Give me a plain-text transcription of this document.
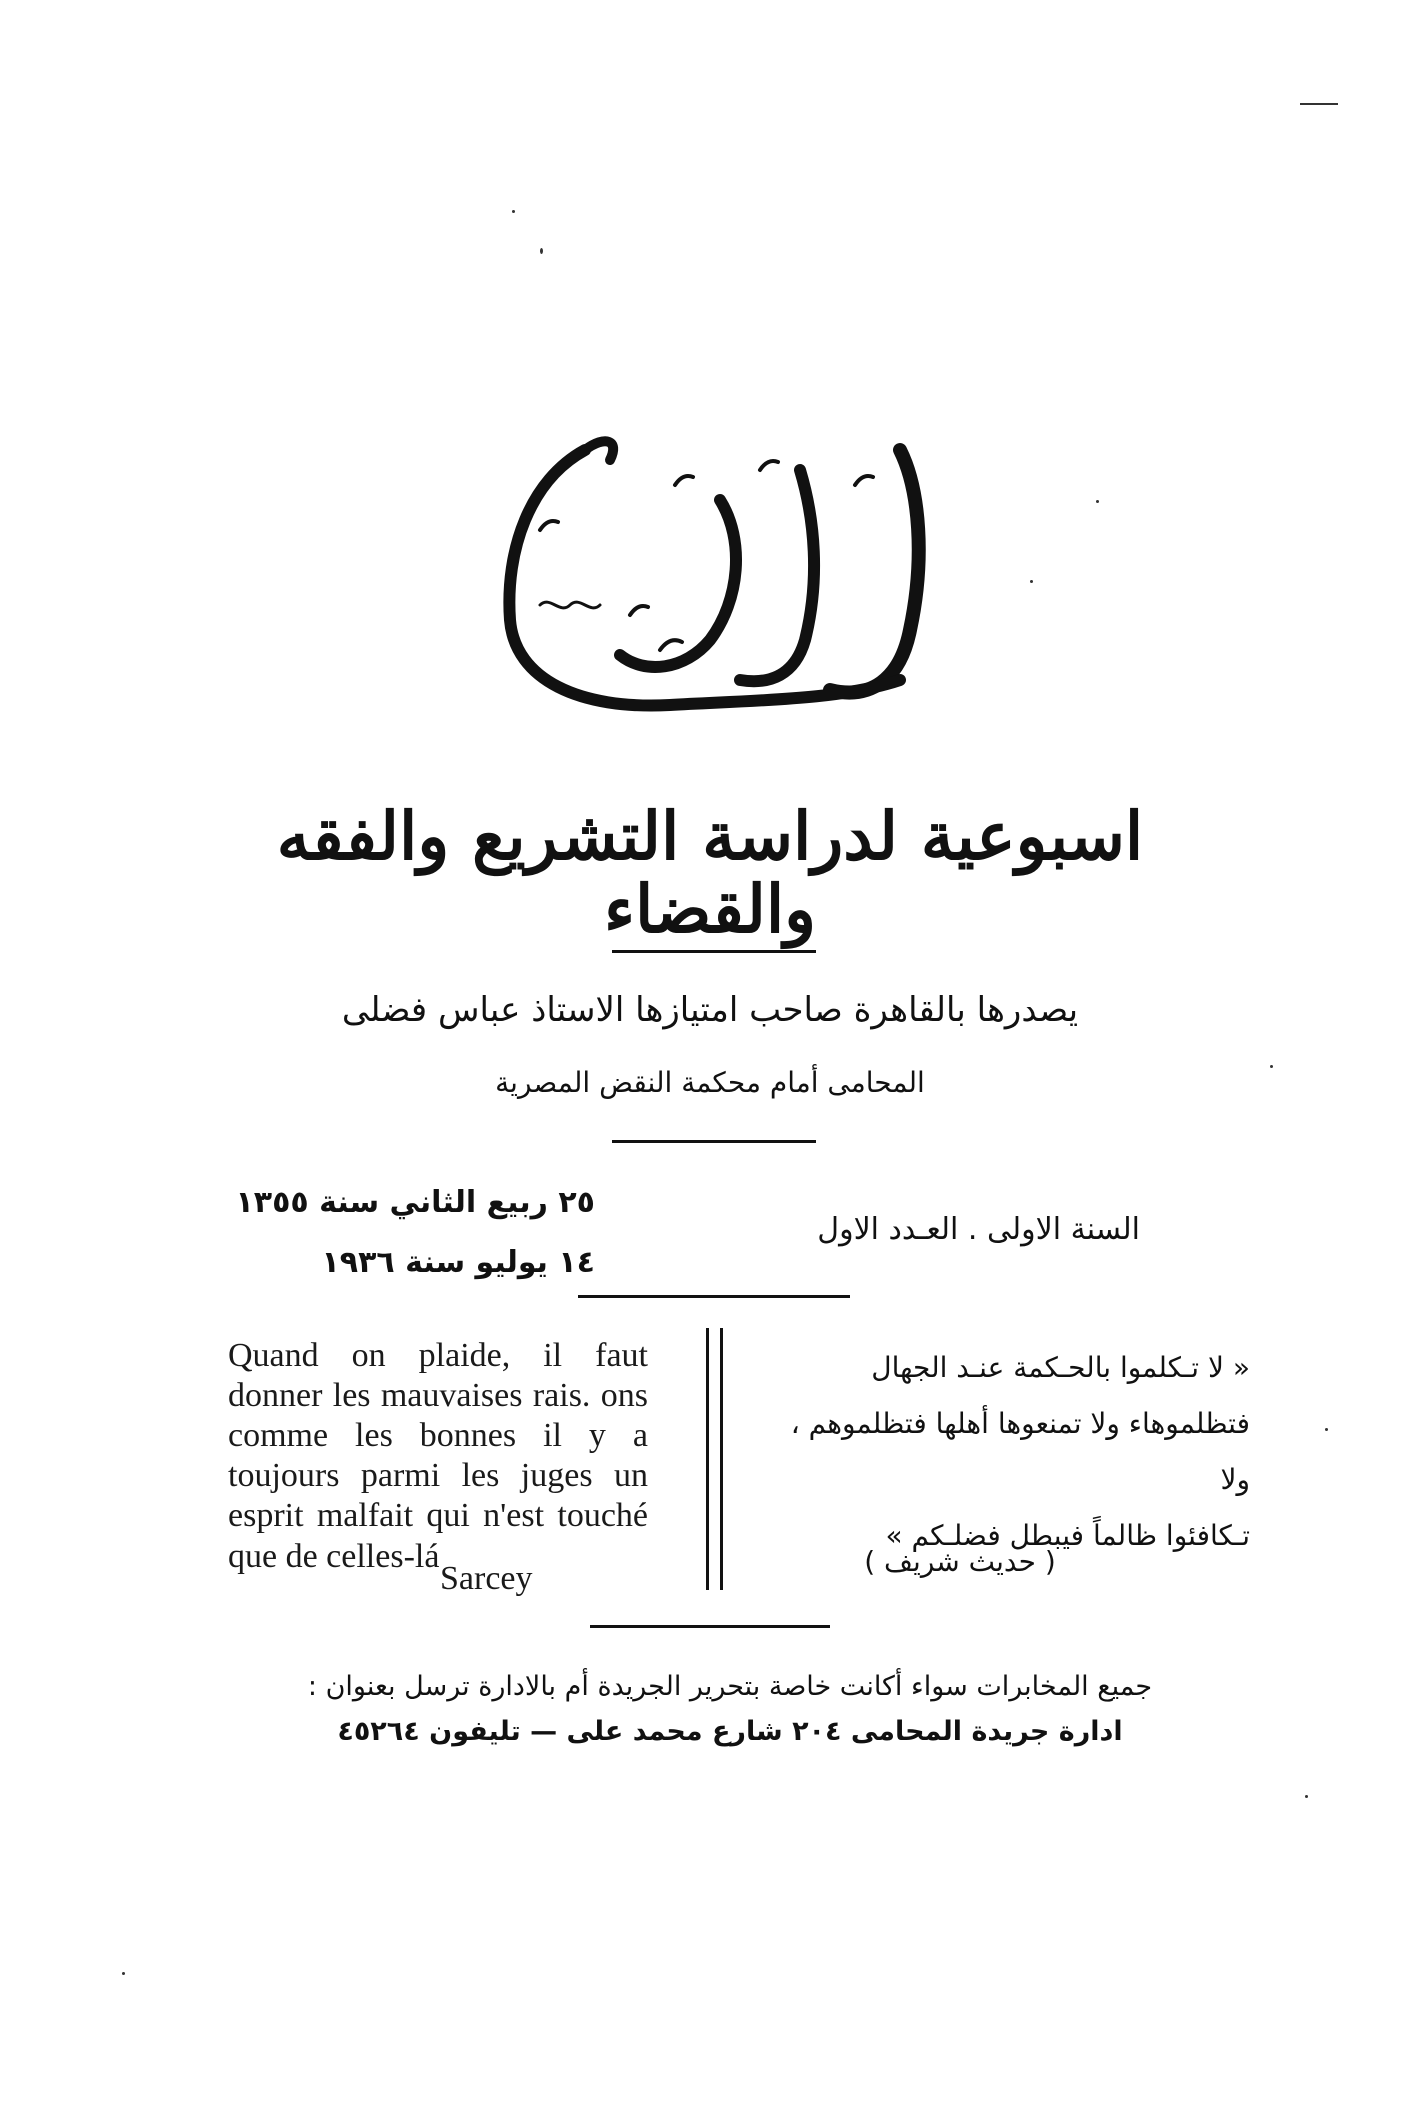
اسبوعية لدراسة التشريع والفقه والقضاء
يصدرها بالقاهرة صاحب امتيازها الاستاذ عباس فضلى
المحامى أمام محكمة النقض المصرية
٢٥ ربيع الثاني سنة ١٣٥٥
١٤ يوليو سنة ١٩٣٦
السنة الاولى . العـدد الاول
Quand on plaide, il faut donner les mauvaises rais. ons comme les bonnes il y a toujours parmi les juges un esprit malfait qui n'est touché que de celles-lá
Sarcey
« لا تـكلموا بالحـكمة عنـد الجهال
فتظلموهاء ولا تمنعوها أهلها فتظلموهم ، ولا
تـكافئوا ظالماً فيبطل فضلـكم »
( حديث شريف )
جميع المخابرات سواء أكانت خاصة بتحرير الجريدة أم بالادارة ترسل بعنوان :
ادارة جريدة المحامى ٢٠٤ شارع محمد على — تليفون ٤٥٢٦٤
